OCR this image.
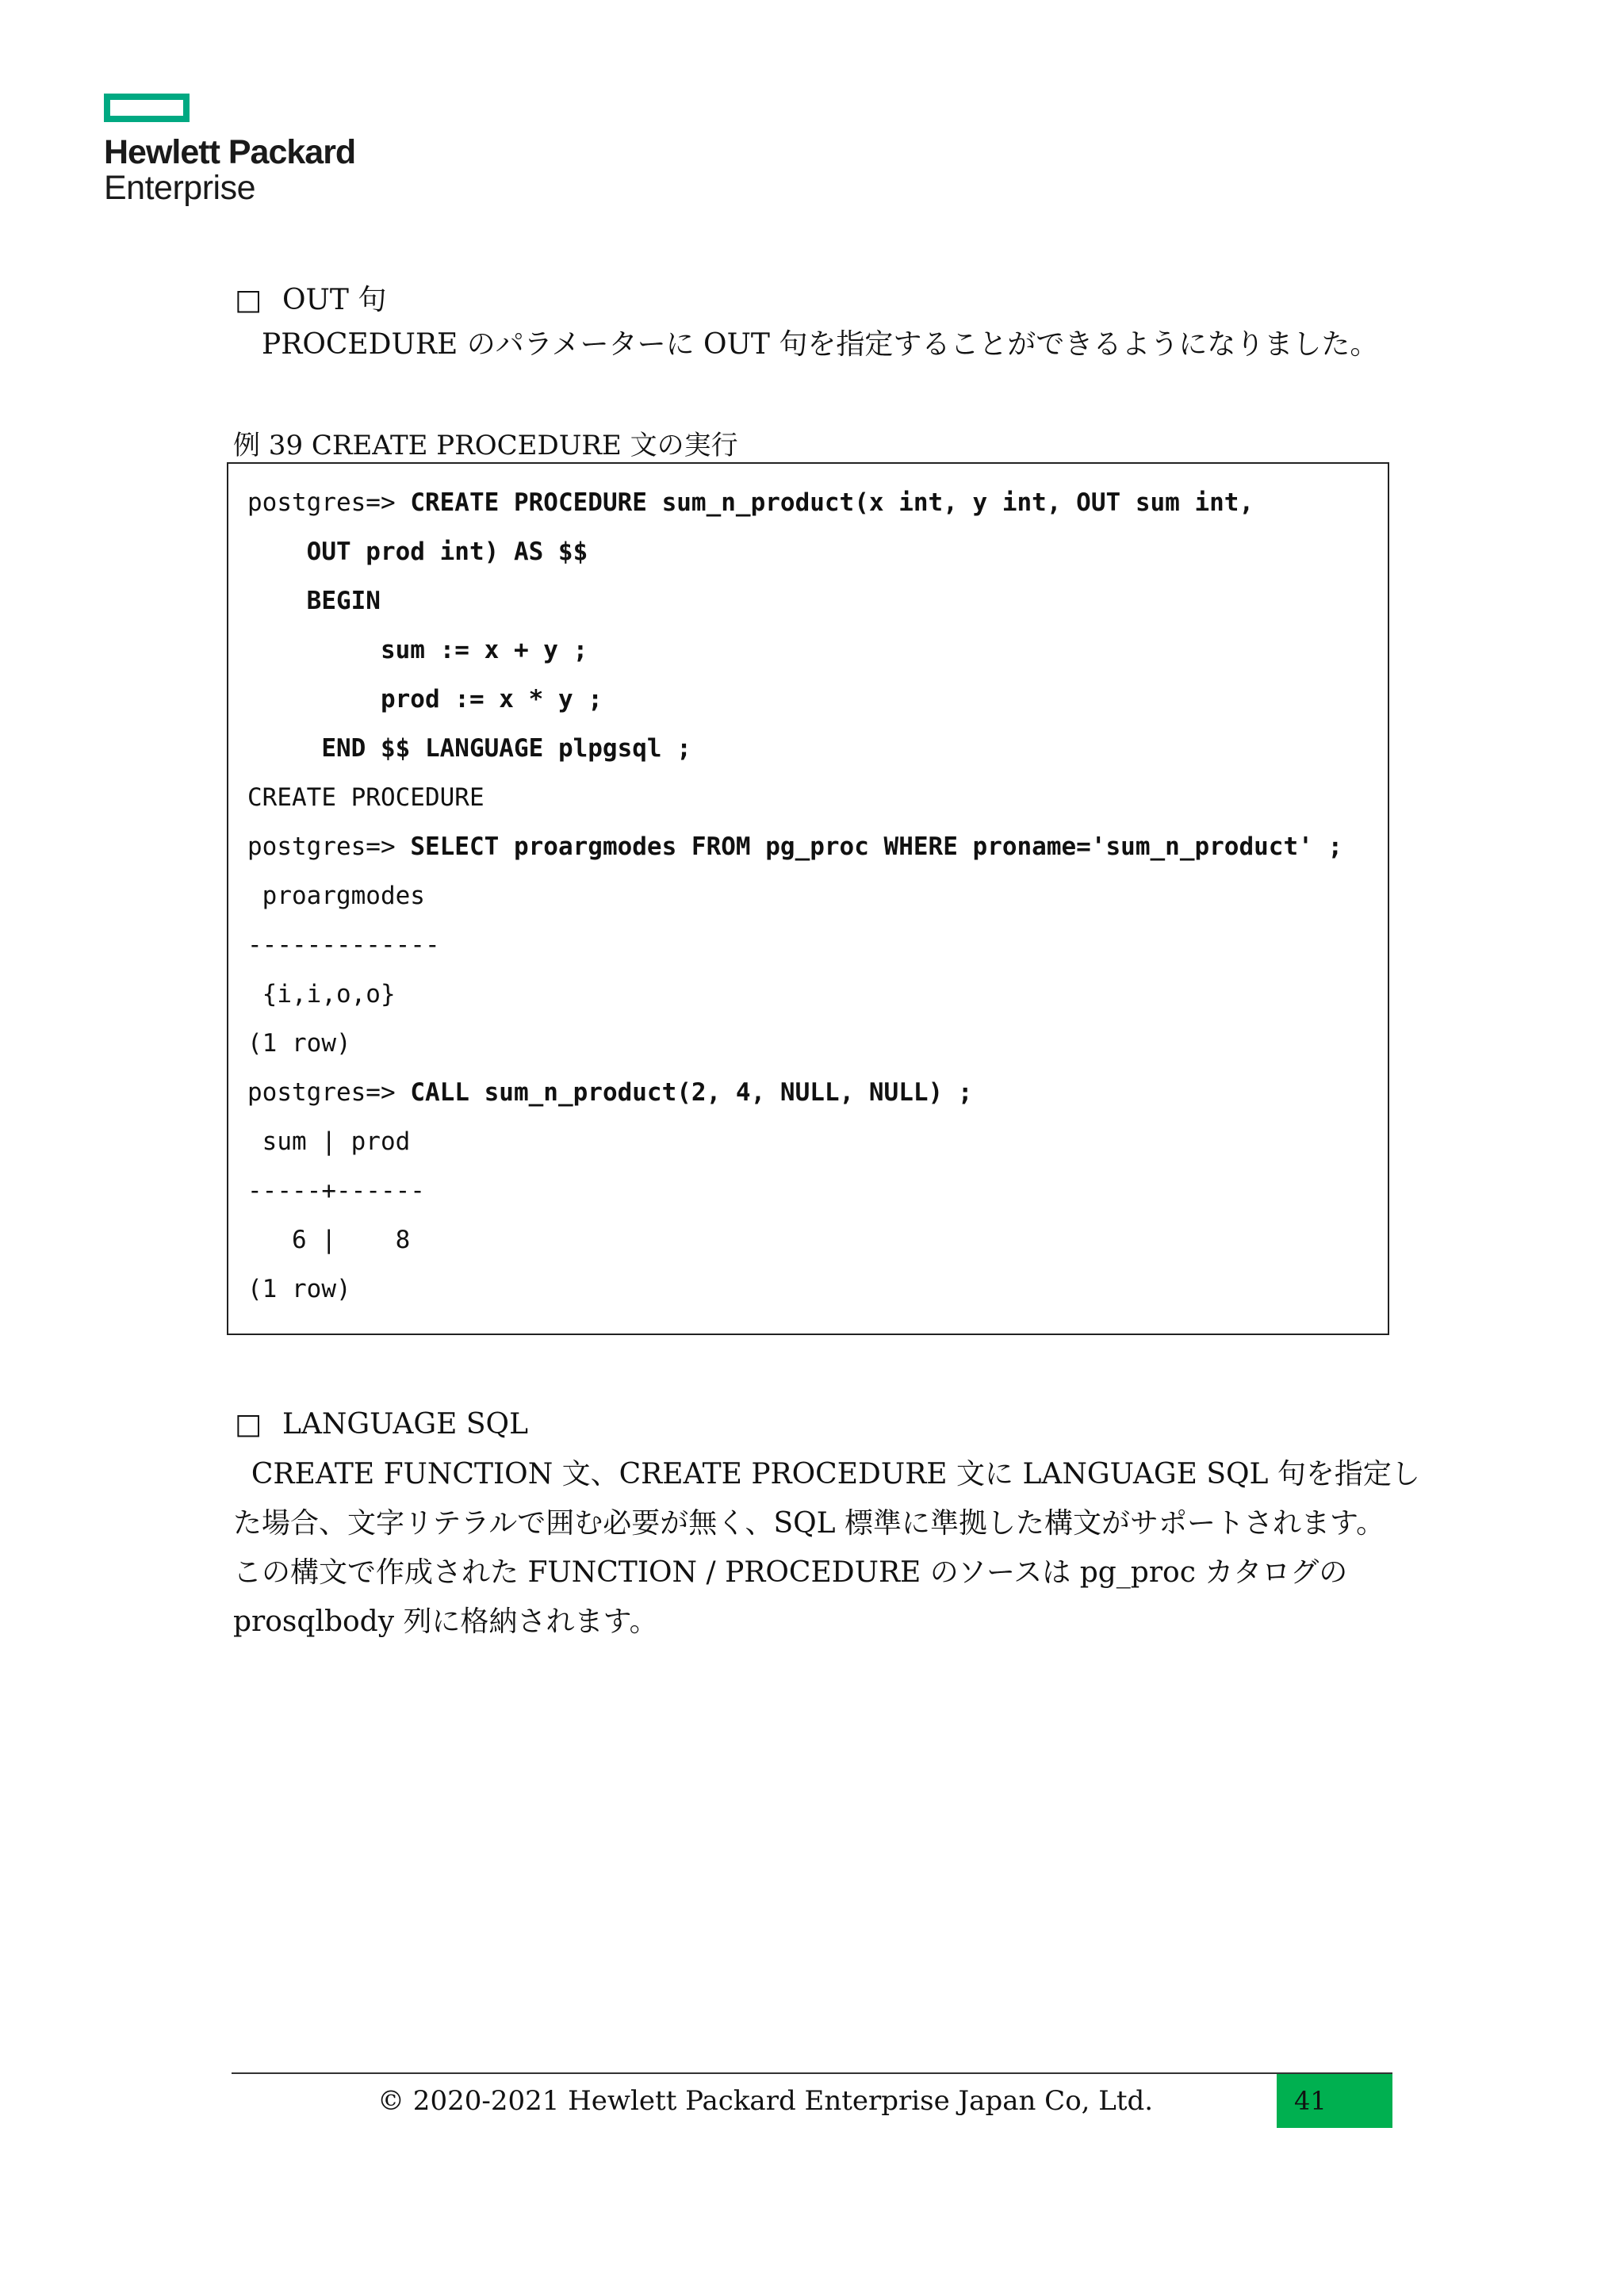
Hewlett Packard
Enterprise
□ OUT 句
PROCEDURE のパラメーターに OUT 句を指定することができるようになりました。
例 39 CREATE PROCEDURE 文の実行
postgres=> CREATE PROCEDURE sum_n_product(x int, y int, OUT sum int,
OUT prod int) AS $$
BEGIN
sum := x + y ;
prod := x * y ;
END $$ LANGUAGE plpgsql ;
CREATE PROCEDURE
postgres=> SELECT proargmodes FROM pg_proc WHERE proname='sum_n_product' ;
proargmodes
-------------
{i,i,o,o}
(1 row)
postgres=> CALL sum_n_product(2, 4, NULL, NULL) ;
sum | prod
-----+------
6 |    8
(1 row)
□ LANGUAGE SQL
CREATE FUNCTION 文、CREATE PROCEDURE 文に LANGUAGE SQL 句を指定し
た場合、文字リテラルで囲む必要が無く、SQL 標準に準拠した構文がサポートされます。
この構文で作成された FUNCTION / PROCEDURE のソースは pg_proc カタログの
prosqlbody 列に格納されます。
© 2020-2021 Hewlett Packard Enterprise Japan Co, Ltd.	41
